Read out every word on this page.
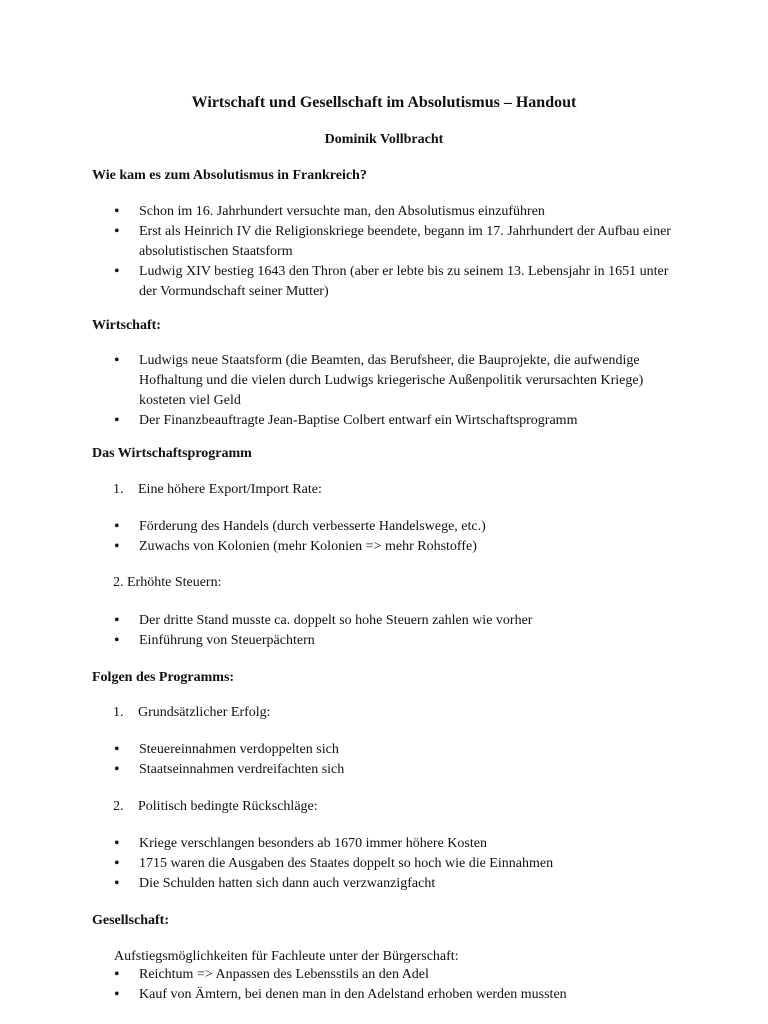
Wirtschaft und Gesellschaft im Absolutismus – Handout
Dominik Vollbracht
Wie kam es zum Absolutismus in Frankreich?
• Schon im 16. Jahrhundert versuchte man, den Absolutismus einzuführen
• Erst als Heinrich IV die Religionskriege beendete, begann im 17. Jahrhundert der Aufbau einer absolutistischen Staatsform
• Ludwig XIV bestieg 1643 den Thron (aber er lebte bis zu seinem 13. Lebensjahr in 1651 unter der Vormundschaft seiner Mutter)
Wirtschaft:
• Ludwigs neue Staatsform (die Beamten, das Berufsheer, die Bauprojekte, die aufwendige Hofhaltung und die vielen durch Ludwigs kriegerische Außenpolitik verursachten Kriege) kosteten viel Geld
• Der Finanzbeauftragte Jean-Baptise Colbert entwarf ein Wirtschaftsprogramm
Das Wirtschaftsprogramm
1. Eine höhere Export/Import Rate:
• Förderung des Handels (durch verbesserte Handelswege, etc.)
• Zuwachs von Kolonien (mehr Kolonien => mehr Rohstoffe)
2. Erhöhte Steuern:
• Der dritte Stand musste ca. doppelt so hohe Steuern zahlen wie vorher
• Einführung von Steuerpächtern
Folgen des Programms:
1. Grundsätzlicher Erfolg:
• Steuereinnahmen verdoppelten sich
• Staatseinnahmen verdreifachten sich
2. Politisch bedingte Rückschläge:
• Kriege verschlangen besonders ab 1670 immer höhere Kosten
• 1715 waren die Ausgaben des Staates doppelt so hoch wie die Einnahmen
• Die Schulden hatten sich dann auch verzwanzigfacht
Gesellschaft:
Aufstiegsmöglichkeiten für Fachleute unter der Bürgerschaft:
• Reichtum => Anpassen des Lebensstils an den Adel
• Kauf von Ämtern, bei denen man in den Adelstand erhoben werden mussten
